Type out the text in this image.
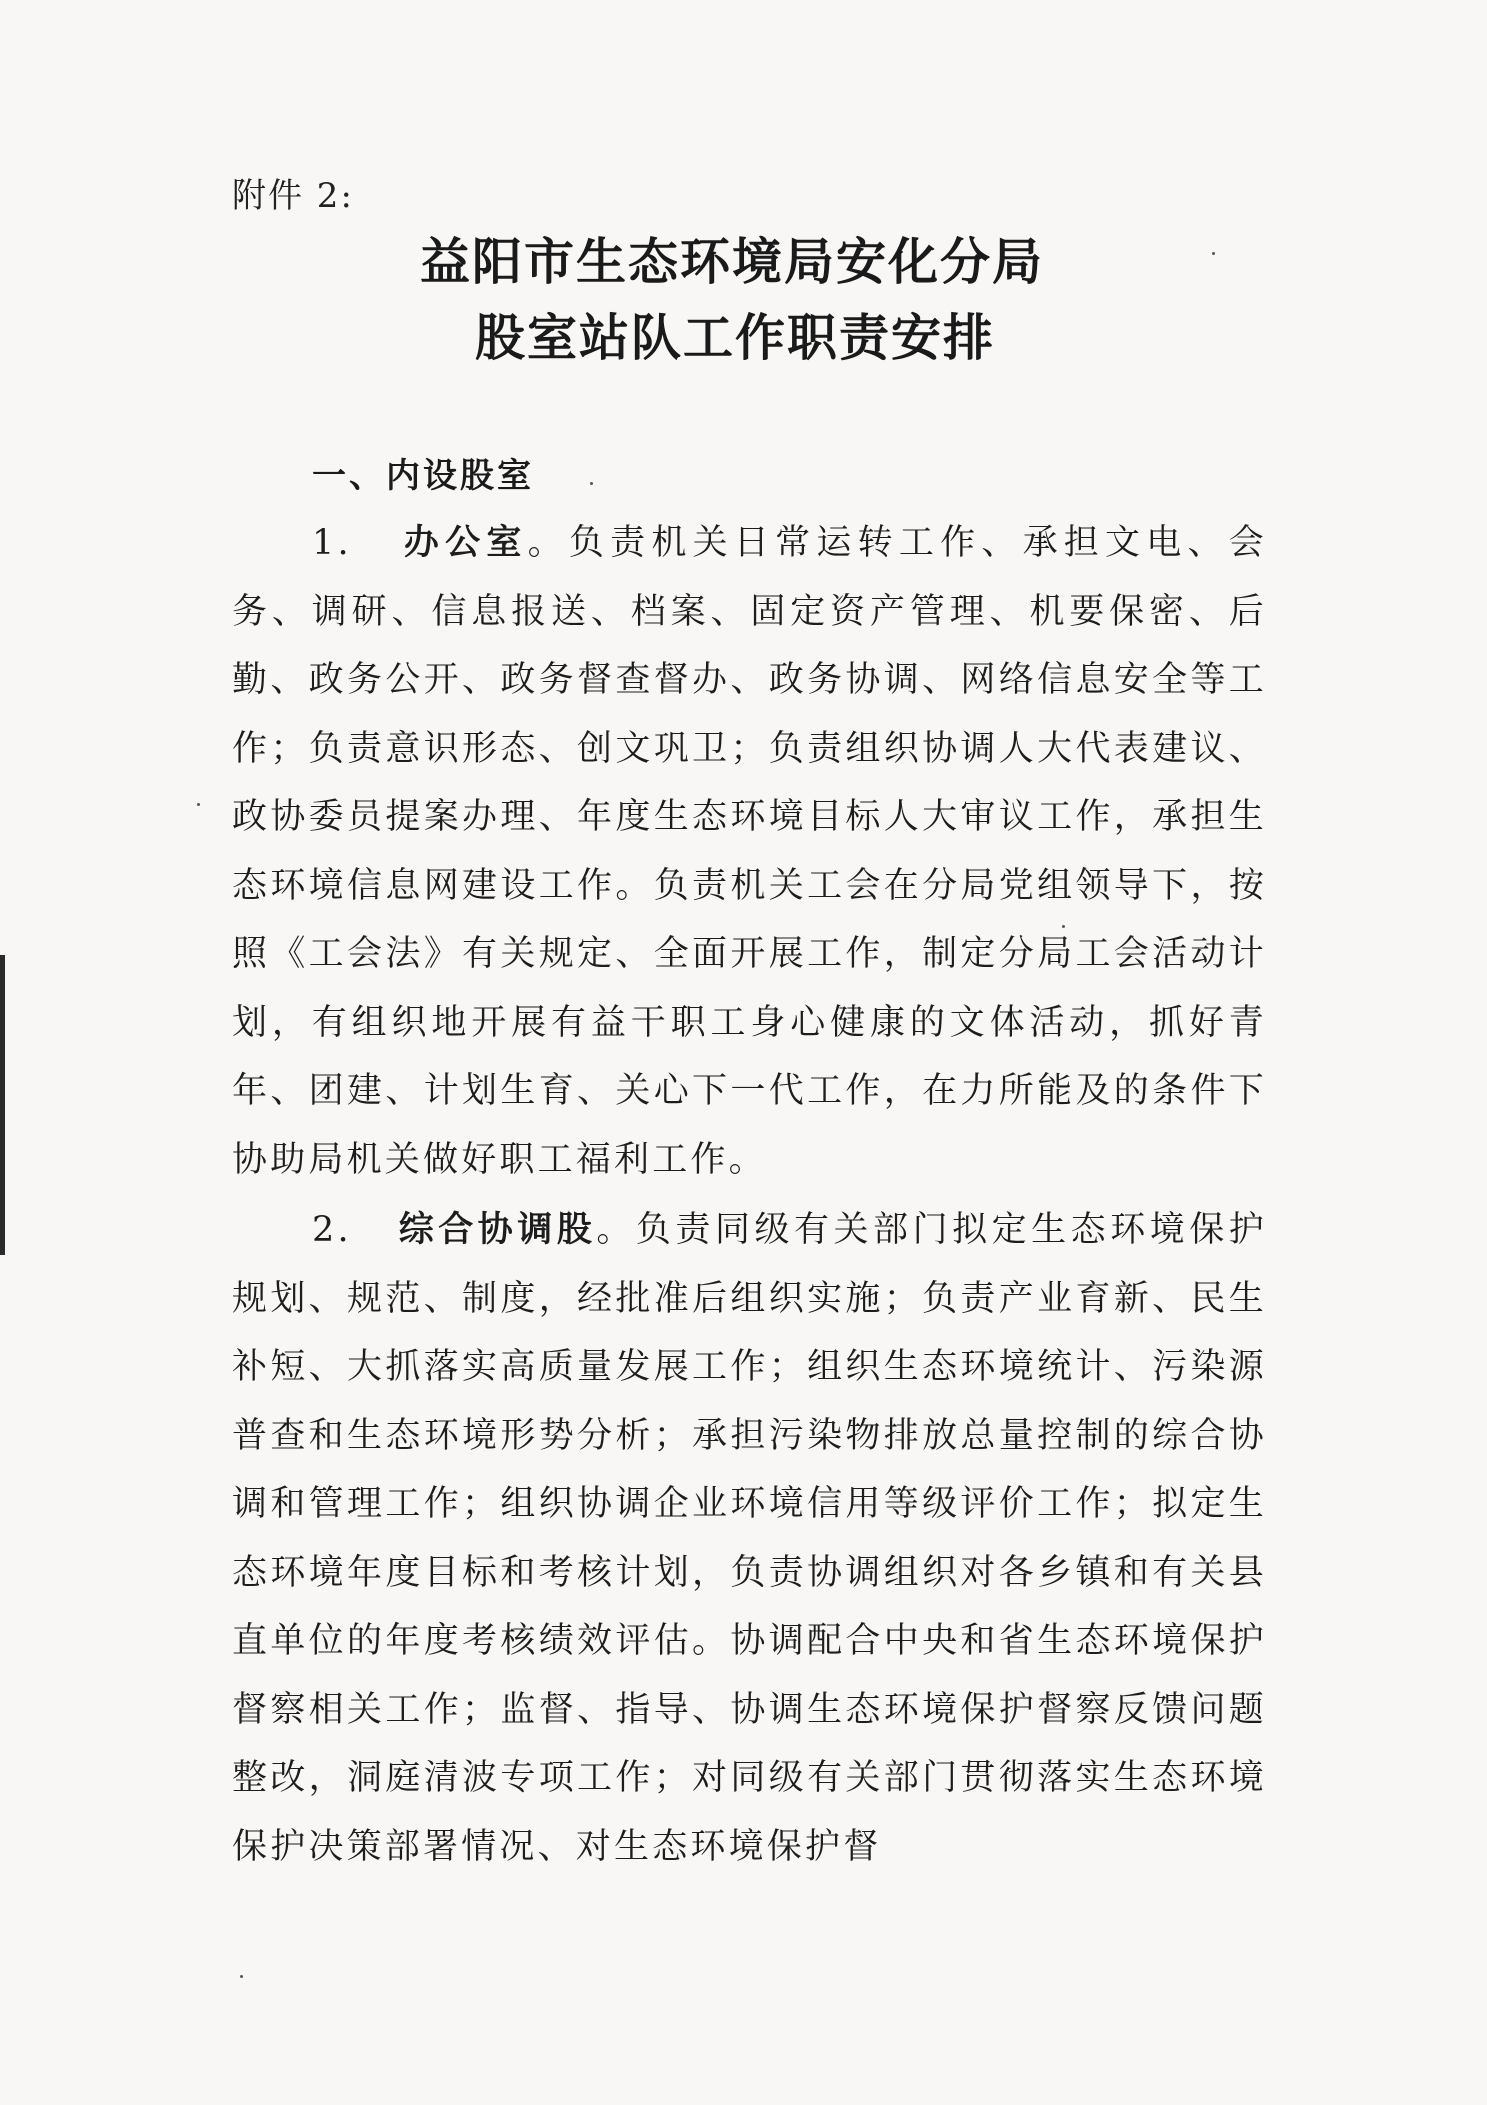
附件 2:

益阳市生态环境局安化分局
股室站队工作职责安排
一、内设股室

1. 办公室。负责机关日常运转工作、承担文电、会务、调研、信息报送、档案、固定资产管理、机要保密、后勤、政务公开、政务督查督办、政务协调、网络信息安全等工作；负责意识形态、创文巩卫；负责组织协调人大代表建议、政协委员提案办理、年度生态环境目标人大审议工作，承担生态环境信息网建设工作。负责机关工会在分局党组领导下，按照《工会法》有关规定、全面开展工作，制定分局工会活动计划，有组织地开展有益干职工身心健康的文体活动，抓好青年、团建、计划生育、关心下一代工作，在力所能及的条件下协助局机关做好职工福利工作。

2. 综合协调股。负责同级有关部门拟定生态环境保护规划、规范、制度，经批准后组织实施；负责产业育新、民生补短、大抓落实高质量发展工作；组织生态环境统计、污染源普查和生态环境形势分析；承担污染物排放总量控制的综合协调和管理工作；组织协调企业环境信用等级评价工作；拟定生态环境年度目标和考核计划，负责协调组织对各乡镇和有关县直单位的年度考核绩效评估。协调配合中央和省生态环境保护督察相关工作；监督、指导、协调生态环境保护督察反馈问题整改，洞庭清波专项工作；对同级有关部门贯彻落实生态环境保护决策部署情况、对生态环境保护督
